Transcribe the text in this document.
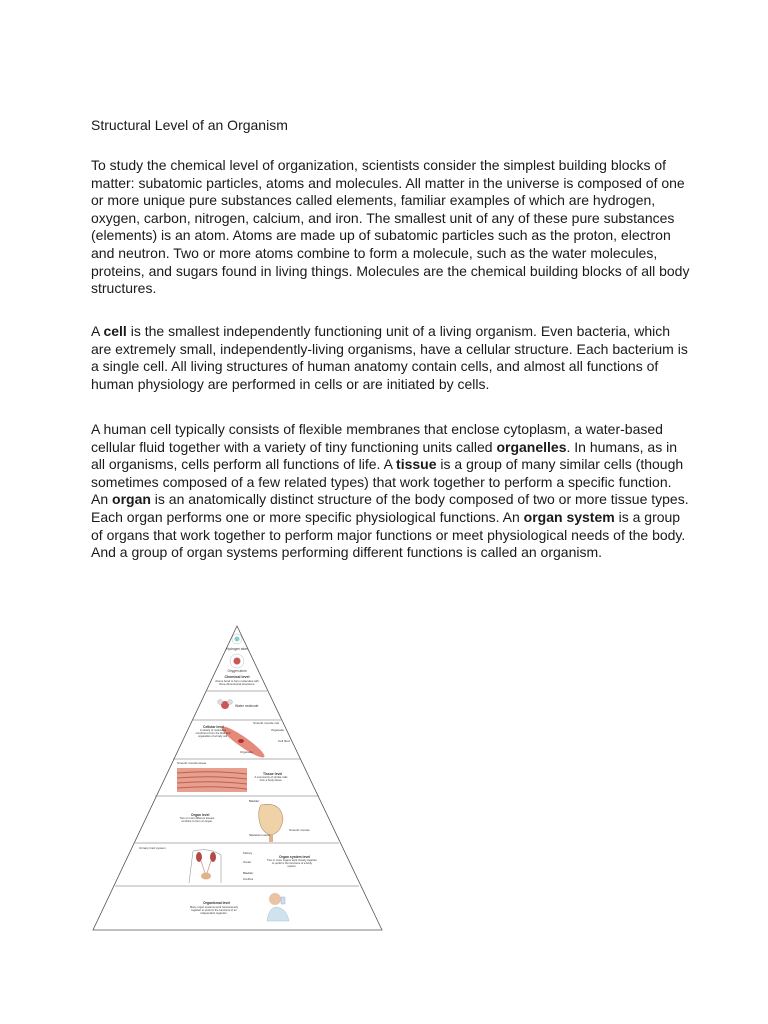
Structural Level of an Organism
To study the chemical level of organization, scientists consider the simplest building blocks of matter: subatomic particles, atoms and molecules. All matter in the universe is composed of one or more unique pure substances called elements, familiar examples of which are hydrogen, oxygen, carbon, nitrogen, calcium, and iron. The smallest unit of any of these pure substances (elements) is an atom. Atoms are made up of subatomic particles such as the proton, electron and neutron. Two or more atoms combine to form a molecule, such as the water molecules, proteins, and sugars found in living things. Molecules are the chemical building blocks of all body structures.
A cell is the smallest independently functioning unit of a living organism. Even bacteria, which are extremely small, independently-living organisms, have a cellular structure. Each bacterium is a single cell. All living structures of human anatomy contain cells, and almost all functions of human physiology are performed in cells or are initiated by cells.
A human cell typically consists of flexible membranes that enclose cytoplasm, a water-based cellular fluid together with a variety of tiny functioning units called organelles. In humans, as in all organisms, cells perform all functions of life. A tissue is a group of many similar cells (though sometimes composed of a few related types) that work together to perform a specific function. An organ is an anatomically distinct structure of the body composed of two or more tissue types. Each organ performs one or more specific physiological functions. An organ system is a group of organs that work together to perform major functions or meet physiological needs of the body. And a group of organ systems performing different functions is called an organism.
Hydrogen atom
Oxygen atom
Chemical level
Atoms bond to form molecules with three-dimensional structures.
Water molecule
Smooth muscle cell
Cellular level
A variety of molecules combine to form the fluid and organelles of a body cell.
Organelle
Cell fluid
Organelle
Smooth muscle tissue
Tissue level
A community of similar cells form a body tissue.
Bladder
Organ level
Two or more different tissues combine to form an organ.
Skeletal muscle
Smooth muscle
Urinary tract system
Kidney
Ureter
Bladder
Urethra
Organ system level
Two or more organs work closely together to perform the functions of a body system.
Organismal level
Many organ systems work harmoniously together to perform the functions of an independent organism.
